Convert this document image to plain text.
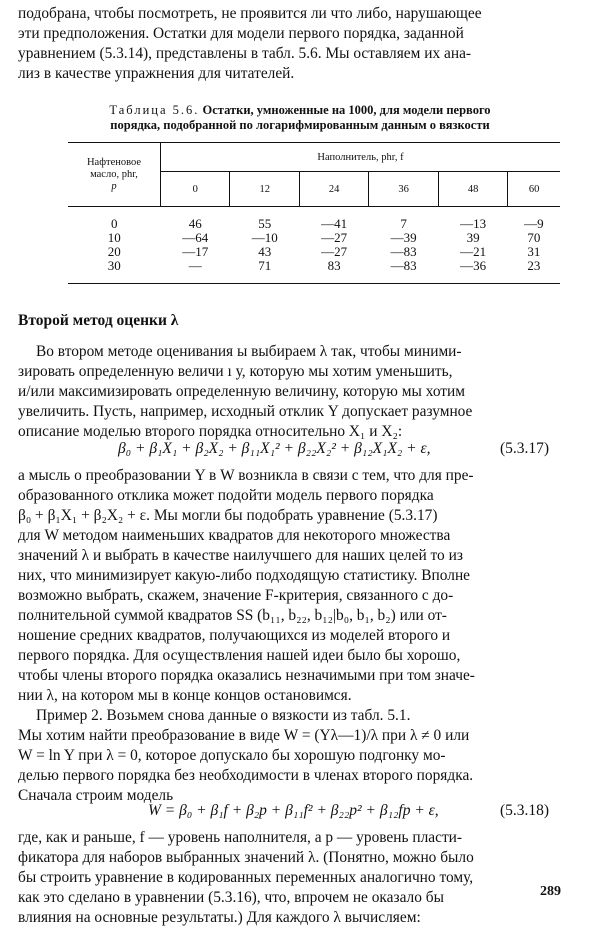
подобрана, чтобы посмотреть, не проявится ли что либо, нарушающее
эти предположения. Остатки для модели первого порядка, заданной
уравнением (5.3.14), представлены в табл. 5.6. Мы оставляем их ана-
лиз в качестве упражнения для читателей.
Таблица 5.6. Остатки, умноженные на 1000, для модели первого
порядка, подобранной по логарифмированным данным о вязкости
Нафтеновое
масло, phr,
p	Наполнитель, phr, f					
	0	12	24	36	48	60
0	46	55	—41	7	—13	—9
10	—64	—10	—27	—39	39	70
20	—17	43	—27	—83	—21	31
30	—	71	83	—83	—36	23
Второй метод оценки λ
Во втором методе оценивания ы выбираем λ так, чтобы миними-
зировать определенную величи ı у, которую мы хотим уменьшить,
и/или максимизировать определенную величину, которую мы хотим
увеличить. Пусть, например, исходный отклик Y допускает разумное
описание моделью второго порядка относительно X₁ и X₂:
β₀ + β₁X₁ + β₂X₂ + β₁₁X₁² + β₂₂X₂² + β₁₂X₁X₂ + ε,	(5.3.17)
а мысль о преобразовании Y в W возникла в связи с тем, что для пре-
образованного отклика может подойти модель первого порядка
β₀ + β₁X₁ + β₂X₂ + ε. Мы могли бы подобрать уравнение (5.3.17)
для W методом наименьших квадратов для некоторого множества
значений λ и выбрать в качестве наилучшего для наших целей то из
них, что минимизирует какую-либо подходящую статистику. Вполне
возможно выбрать, скажем, значение F-критерия, связанного с до-
полнительной суммой квадратов SS (b₁₁, b₂₂, b₁₂|b₀, b₁, b₂) или от-
ношение средних квадратов, получающихся из моделей второго и
первого порядка. Для осуществления нашей идеи было бы хорошо,
чтобы члены второго порядка оказались незначимыми при том значе-
нии λ, на котором мы в конце концов остановимся.
Пример 2. Возьмем снова данные о вязкости из табл. 5.1.
Мы хотим найти преобразование в виде W = (Yλ—1)/λ при λ ≠ 0 или
W = ln Y при λ = 0, которое допускало бы хорошую подгонку мо-
делью первого порядка без необходимости в членах второго порядка.
Сначала строим модель
W = β₀ + β₁f + β₂p + β₁₁f² + β₂₂p² + β₁₂fp + ε,	(5.3.18)
где, как и раньше, f — уровень наполнителя, а p — уровень пласти-
фикатора для наборов выбранных значений λ. (Понятно, можно было
бы строить уравнение в кодированных переменных аналогично тому,
как это сделано в уравнении (5.3.16), что, впрочем не оказало бы
влияния на основные результаты.) Для каждого λ вычисляем:
289
